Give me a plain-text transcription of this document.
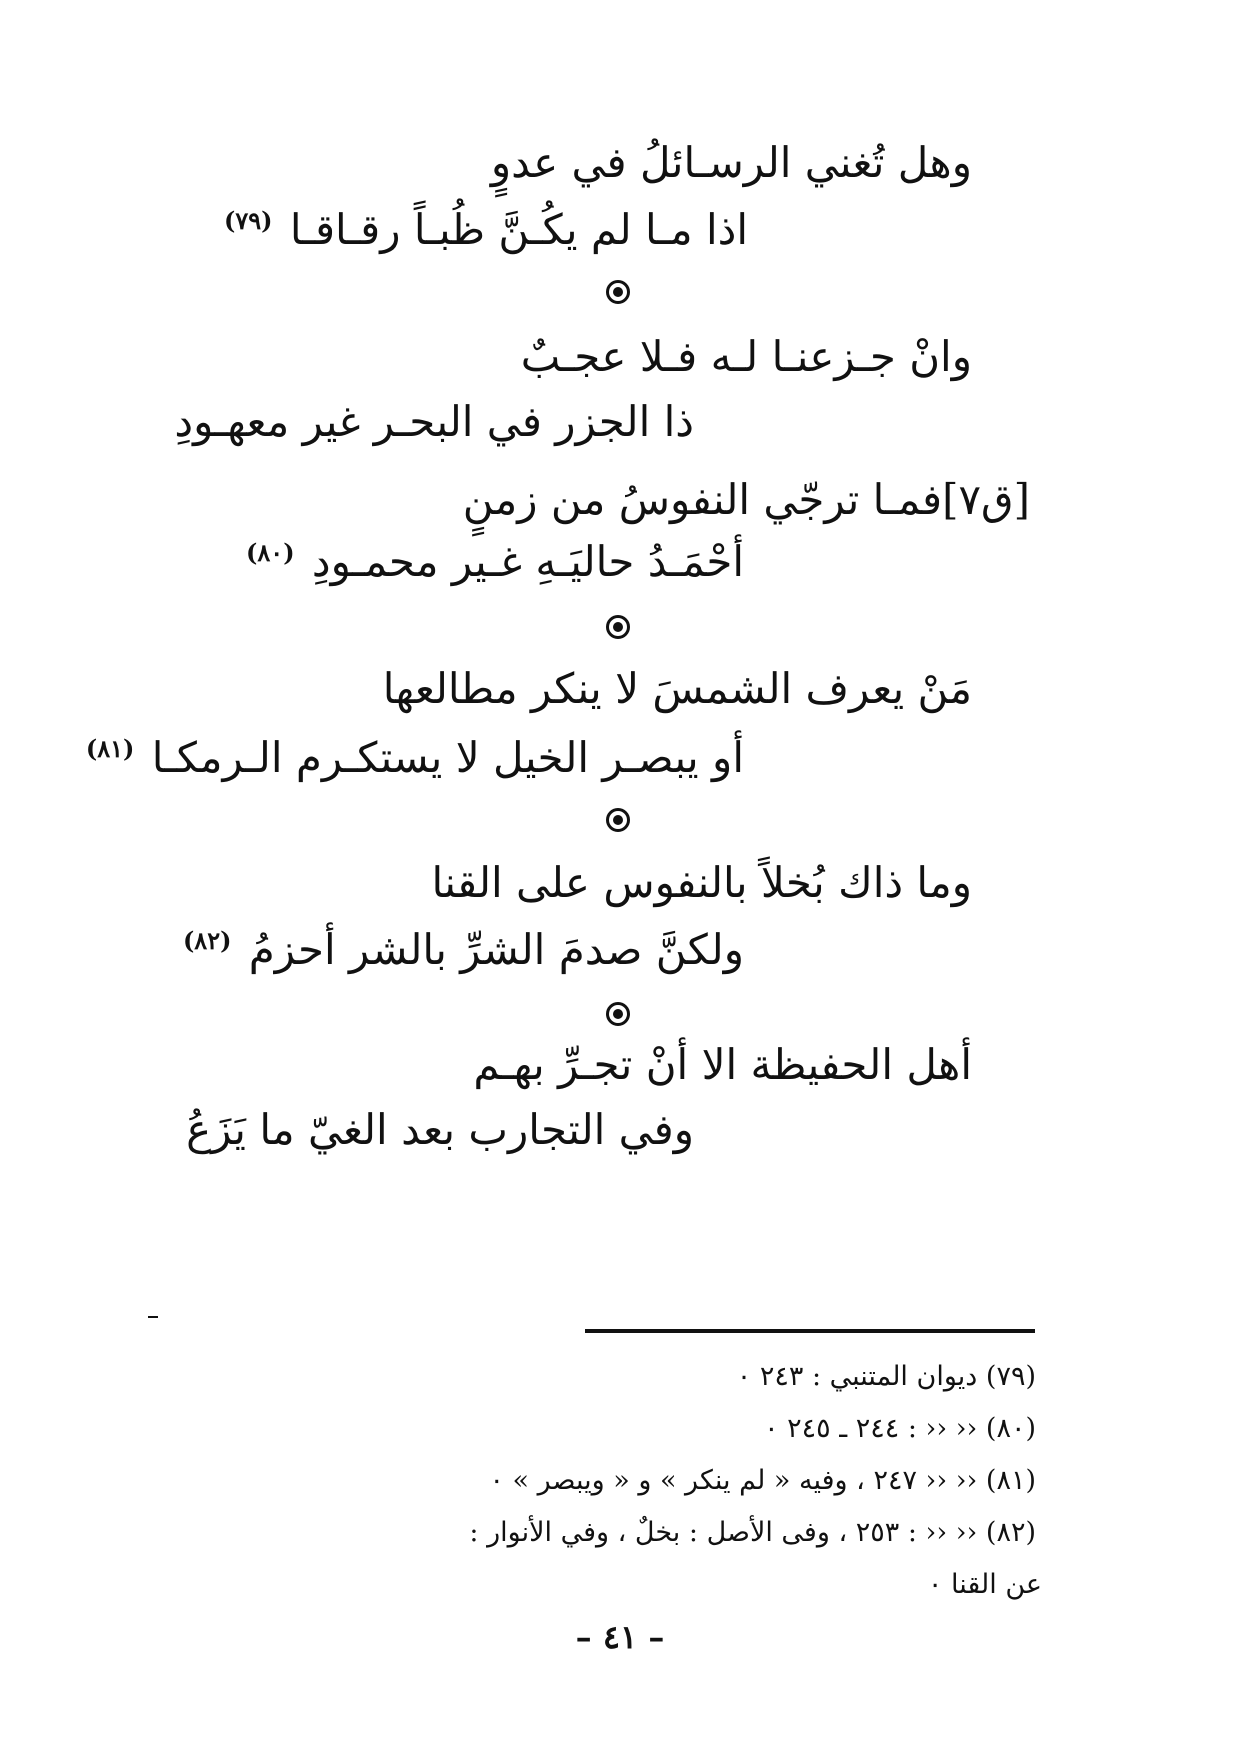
وهل تُغني الرسـائلُ في عدوٍ
اذا مـا لم يكُـنَّ ظُبـاً رقـاقـا $^{(٧٩)}$
وانْ جـزعنـا لـه فـلا عجـبٌ
ذا الجزر في البحـر غير معهـودِ
[ق٧]فمـا ترجّي النفوسُ من زمنٍ
أحْمَـدُ حاليَـهِ غـير محمـودِ $^{(٨٠)}$
مَنْ يعرف الشمسَ لا ينكر مطالعها
أو يبصـر الخيل لا يستكـرم الـرمكـا $^{(٨١)}$
وما ذاك بُخلاً بالنفوس على القنا
ولكنَّ صدمَ الشرِّ بالشر أحزمُ $^{(٨٢)}$
أهل الحفيظة الا أنْ تجـرِّ بهـم
وفي التجارب بعد الغيّ ما يَزَعُ
(٧٩) ديوان المتنبي : ٢٤٣ ٠
(٨٠) ‹‹ ‹‹ : ٢٤٤ ـ ٢٤٥ ٠
(٨١) ‹‹ ‹‹ ٢٤٧ ، وفيه « لم ينكر » و « ويبصر » ٠
(٨٢) ‹‹ ‹‹ : ٢٥٣ ، وفى الأصل : بخلٌ ، وفي الأنوار :
عن القنا ٠
– ٤١ –
